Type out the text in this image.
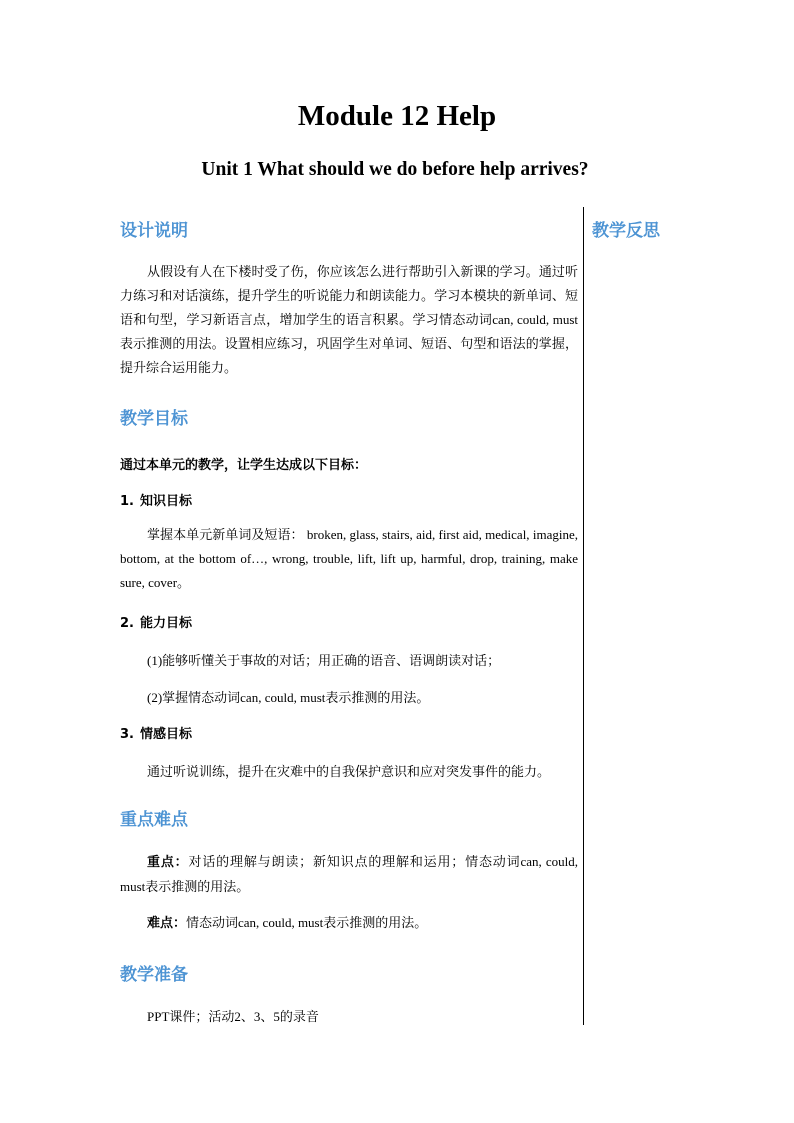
Module 12 Help
Unit 1 What should we do before help arrives?
教学反思
设计说明

从假设有人在下楼时受了伤，你应该怎么进行帮助引入新课的学习。通过听力练习和对话演练，提升学生的听说能力和朗读能力。学习本模块的新单词、短语和句型，学习新语言点，增加学生的语言积累。学习情态动词can, could, must表示推测的用法。设置相应练习，巩固学生对单词、短语、句型和语法的掌握，提升综合运用能力。

教学目标
通过本单元的教学，让学生达成以下目标：
1. 知识目标

掌握本单元新单词及短语： broken, glass, stairs, aid, first aid, medical, imagine, bottom, at the bottom of…, wrong, trouble, lift, lift up, harmful, drop, training, make sure, cover。

2. 能力目标
(1)能够听懂关于事故的对话；用正确的语音、语调朗读对话；
(2)掌握情态动词can, could, must表示推测的用法。
3. 情感目标
通过听说训练，提升在灾难中的自我保护意识和应对突发事件的能力。
重点难点

重点：对话的理解与朗读；新知识点的理解和运用；情态动词can, could, must表示推测的用法。

难点：情态动词can, could, must表示推测的用法。

教学准备
PPT课件；活动2、3、5的录音
